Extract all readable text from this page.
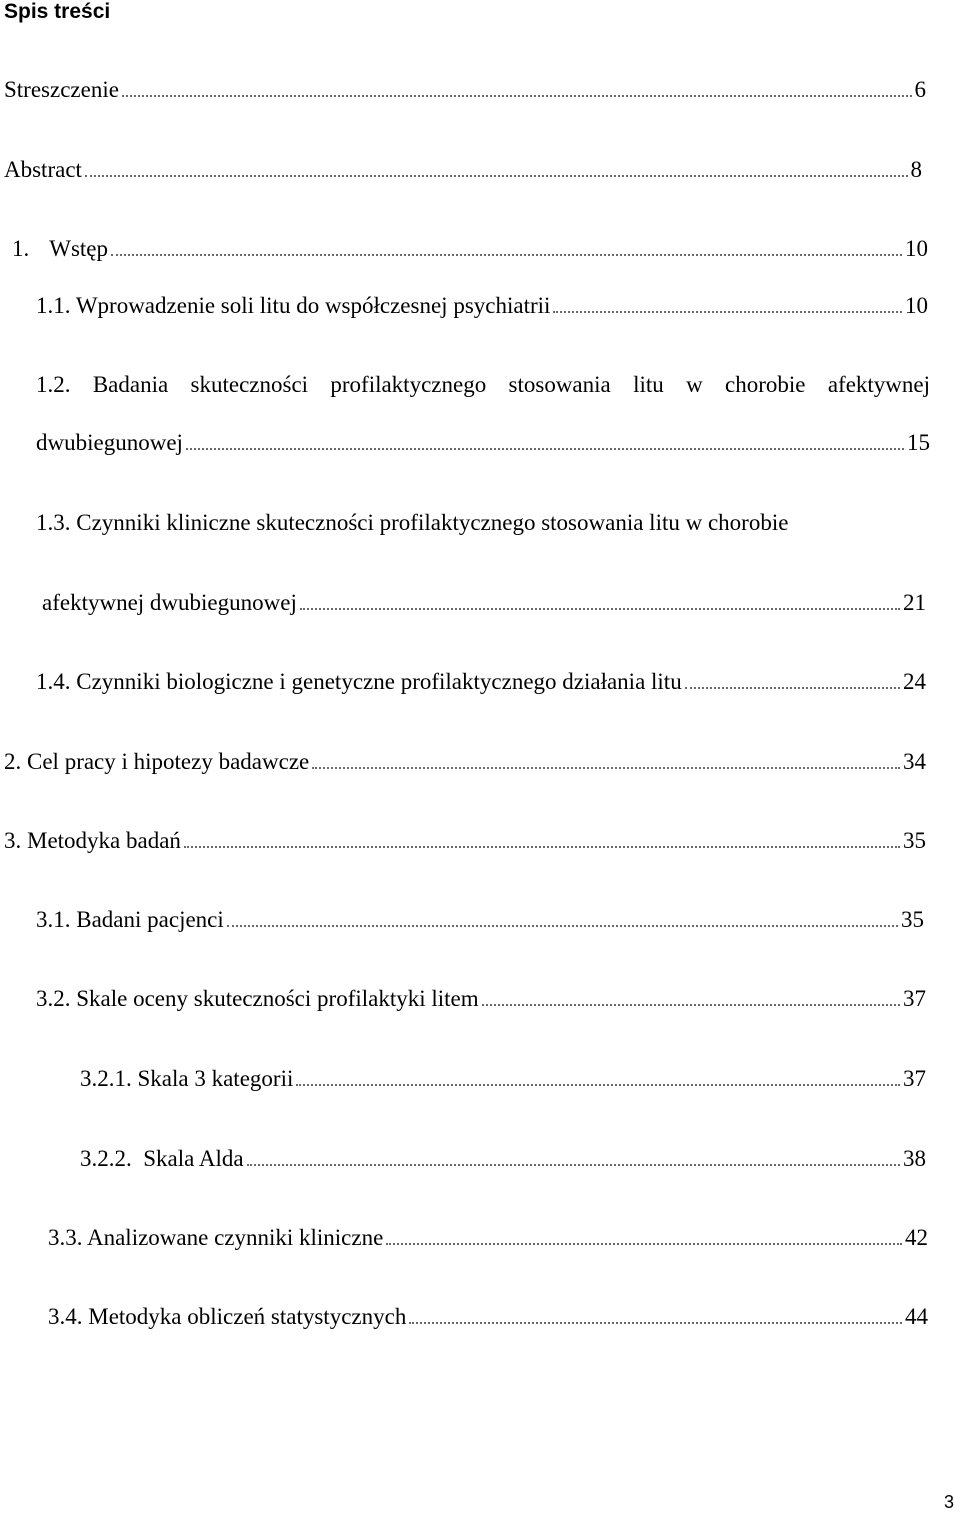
Spis treści
Streszczenie	6
Abstract	8
1. Wstęp	10
1.1. Wprowadzenie soli litu do współczesnej psychiatrii	10
1.2. Badania skuteczności profilaktycznego stosowania litu w chorobie afektywnej
dwubiegunowej	15
1.3. Czynniki kliniczne skuteczności profilaktycznego stosowania litu w chorobie
afektywnej dwubiegunowej	21
1.4. Czynniki biologiczne i genetyczne profilaktycznego działania litu	24
2. Cel pracy i hipotezy badawcze	34
3. Metodyka badań	35
3.1. Badani pacjenci	35
3.2. Skale oceny skuteczności profilaktyki litem	37
3.2.1. Skala 3 kategorii	37
3.2.2.  Skala Alda	38
3.3. Analizowane czynniki kliniczne	42
3.4. Metodyka obliczeń statystycznych	44
3
